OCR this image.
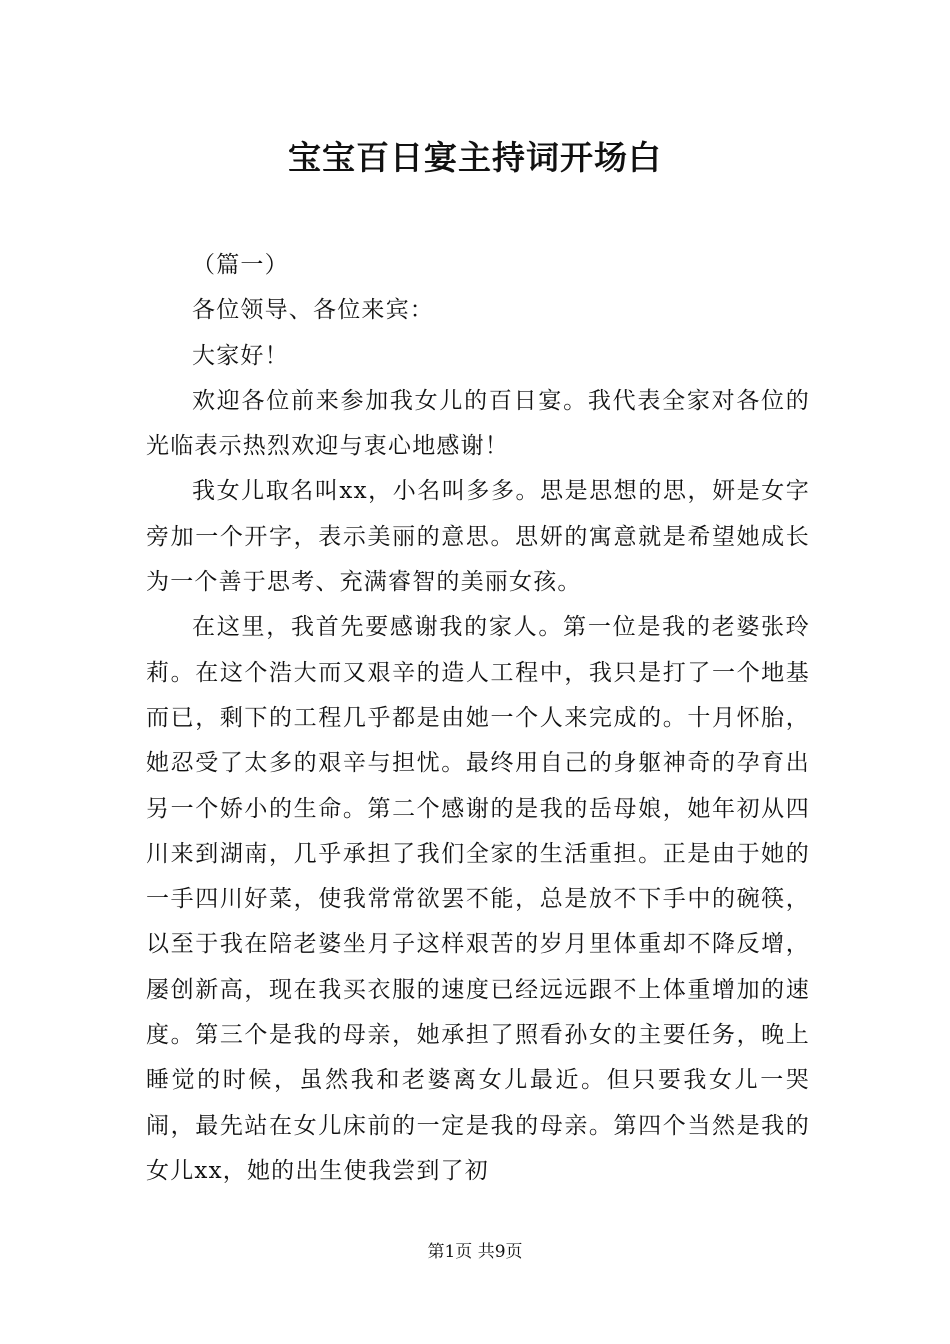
宝宝百日宴主持词开场白

（篇一）

各位领导、各位来宾：

大家好！

欢迎各位前来参加我女儿的百日宴。我代表全家对各位的光临表示热烈欢迎与衷心地感谢！

我女儿取名叫xx，小名叫多多。思是思想的思，妍是女字旁加一个开字，表示美丽的意思。思妍的寓意就是希望她成长为一个善于思考、充满睿智的美丽女孩。

在这里，我首先要感谢我的家人。第一位是我的老婆张玲莉。在这个浩大而又艰辛的造人工程中，我只是打了一个地基而已，剩下的工程几乎都是由她一个人来完成的。十月怀胎，她忍受了太多的艰辛与担忧。最终用自己的身躯神奇的孕育出另一个娇小的生命。第二个感谢的是我的岳母娘，她年初从四川来到湖南，几乎承担了我们全家的生活重担。正是由于她的一手四川好菜，使我常常欲罢不能，总是放不下手中的碗筷，以至于我在陪老婆坐月子这样艰苦的岁月里体重却不降反增，屡创新高，现在我买衣服的速度已经远远跟不上体重增加的速度。第三个是我的母亲，她承担了照看孙女的主要任务，晚上睡觉的时候，虽然我和老婆离女儿最近。但只要我女儿一哭闹，最先站在女儿床前的一定是我的母亲。第四个当然是我的女儿xx，她的出生使我尝到了初

第1页 共9页
